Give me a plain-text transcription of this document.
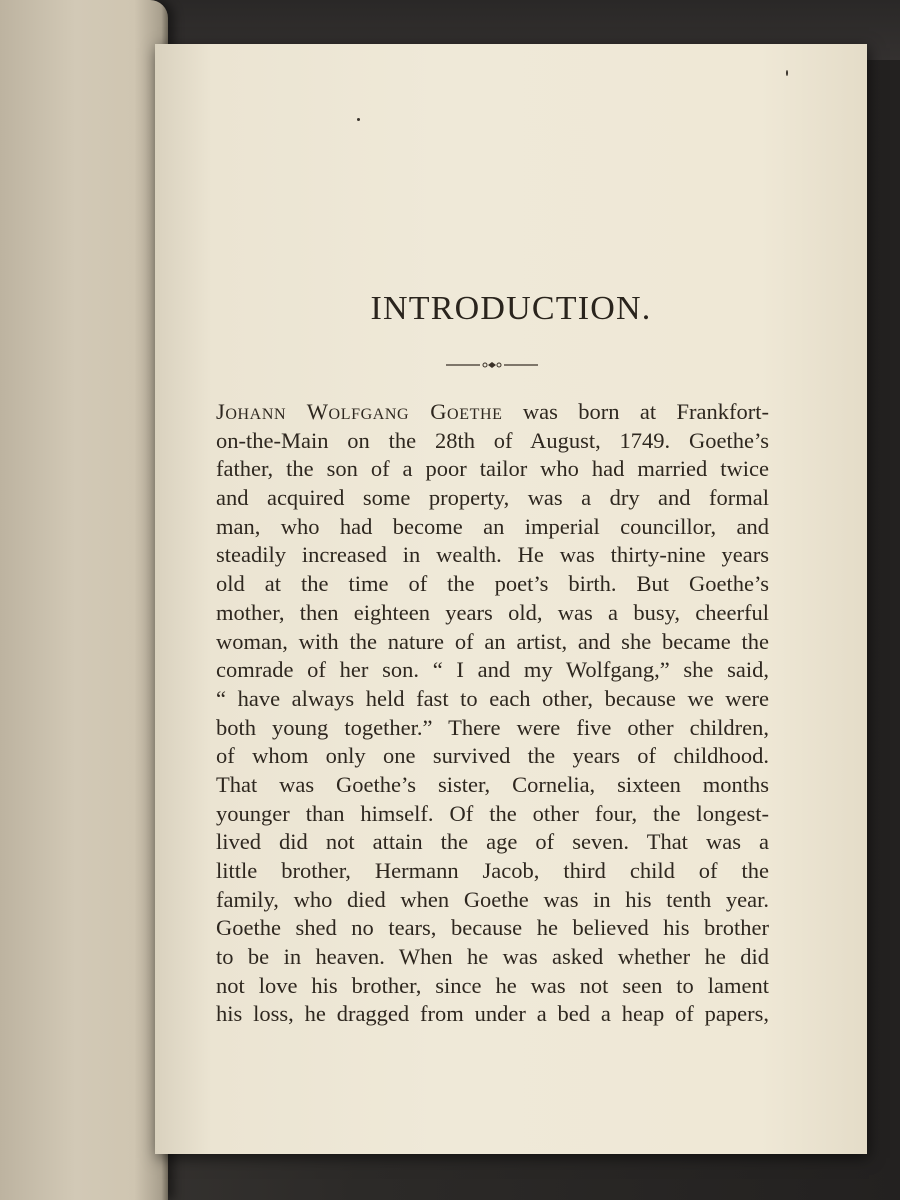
INTRODUCTION.
Johann Wolfgang Goethe was born at Frankfort-
on-the-Main on the 28th of August, 1749. Goethe’s
father, the son of a poor tailor who had married twice
and acquired some property, was a dry and formal
man, who had become an imperial councillor, and
steadily increased in wealth. He was thirty-nine years
old at the time of the poet’s birth. But Goethe’s
mother, then eighteen years old, was a busy, cheerful
woman, with the nature of an artist, and she became the
comrade of her son. “ I and my Wolfgang,” she said,
“ have always held fast to each other, because we were
both young together.” There were five other children,
of whom only one survived the years of childhood.
That was Goethe’s sister, Cornelia, sixteen months
younger than himself. Of the other four, the longest-
lived did not attain the age of seven. That was a
little brother, Hermann Jacob, third child of the
family, who died when Goethe was in his tenth year.
Goethe shed no tears, because he believed his brother
to be in heaven. When he was asked whether he did
not love his brother, since he was not seen to lament
his loss, he dragged from under a bed a heap of papers,
